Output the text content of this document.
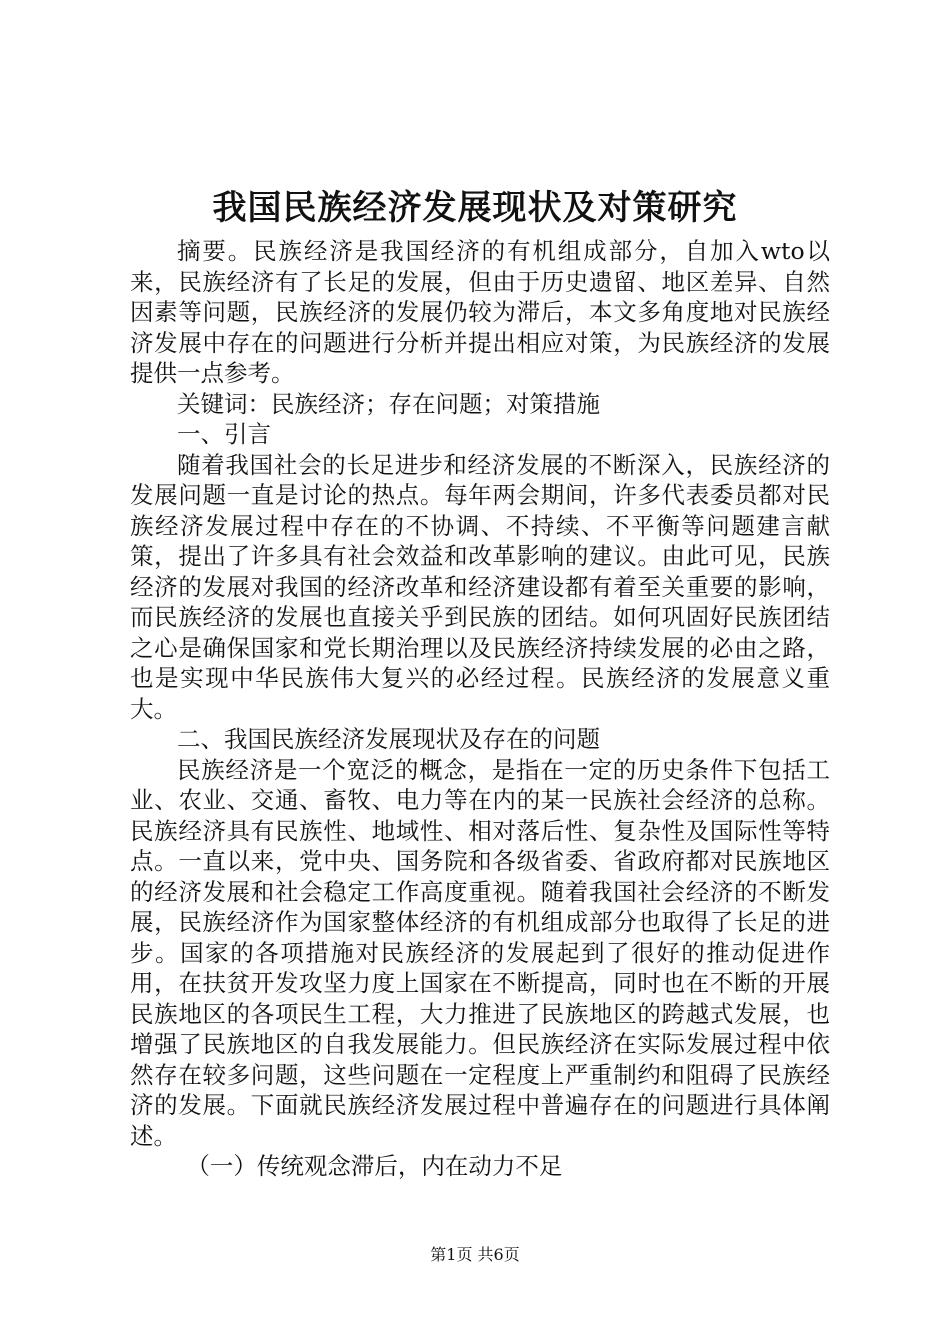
我国民族经济发展现状及对策研究

摘要。民族经济是我国经济的有机组成部分，自加入wto以来，民族经济有了长足的发展，但由于历史遗留、地区差异、自然因素等问题，民族经济的发展仍较为滞后，本文多角度地对民族经济发展中存在的问题进行分析并提出相应对策，为民族经济的发展提供一点参考。

关键词：民族经济；存在问题；对策措施

一、引言

随着我国社会的长足进步和经济发展的不断深入，民族经济的发展问题一直是讨论的热点。每年两会期间，许多代表委员都对民族经济发展过程中存在的不协调、不持续、不平衡等问题建言献策，提出了许多具有社会效益和改革影响的建议。由此可见，民族经济的发展对我国的经济改革和经济建设都有着至关重要的影响，而民族经济的发展也直接关乎到民族的团结。如何巩固好民族团结之心是确保国家和党长期治理以及民族经济持续发展的必由之路，也是实现中华民族伟大复兴的必经过程。民族经济的发展意义重大。

二、我国民族经济发展现状及存在的问题

民族经济是一个宽泛的概念，是指在一定的历史条件下包括工业、农业、交通、畜牧、电力等在内的某一民族社会经济的总称。民族经济具有民族性、地域性、相对落后性、复杂性及国际性等特点。一直以来，党中央、国务院和各级省委、省政府都对民族地区的经济发展和社会稳定工作高度重视。随着我国社会经济的不断发展，民族经济作为国家整体经济的有机组成部分也取得了长足的进步。国家的各项措施对民族经济的发展起到了很好的推动促进作用，在扶贫开发攻坚力度上国家在不断提高，同时也在不断的开展民族地区的各项民生工程，大力推进了民族地区的跨越式发展，也增强了民族地区的自我发展能力。但民族经济在实际发展过程中依然存在较多问题，这些问题在一定程度上严重制约和阻碍了民族经济的发展。下面就民族经济发展过程中普遍存在的问题进行具体阐述。

（一）传统观念滞后，内在动力不足

第1页 共6页
